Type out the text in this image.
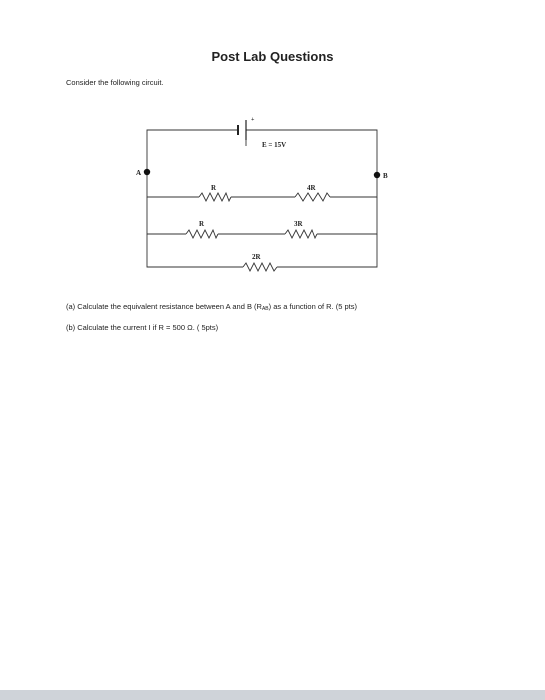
Post Lab Questions
Consider the following circuit.
+
E = 15V
A	B
R	4R
R	3R
2R
(a) Calculate the equivalent resistance between A and B $(R_{AB})$ as a function of R. (5 pts)
(b) Calculate the current I if R = 500 Ω. ( 5pts)
